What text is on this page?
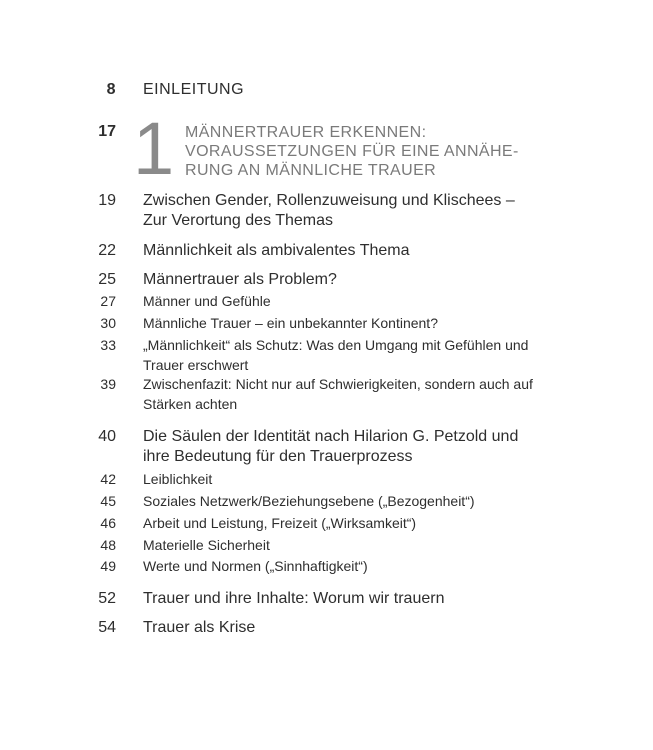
8 EINLEITUNG
17 1 MÄNNERTRAUER ERKENNEN:
VORAUSSETZUNGEN FÜR EINE ANNÄHE-
RUNG AN MÄNNLICHE TRAUER
19 Zwischen Gender, Rollenzuweisung und Klischees –
Zur Verortung des Themas
22 Männlichkeit als ambivalentes Thema
25 Männertrauer als Problem?
27 Männer und Gefühle
30 Männliche Trauer – ein unbekannter Kontinent?
33 „Männlichkeit“ als Schutz: Was den Umgang mit Gefühlen und
Trauer erschwert
39 Zwischenfazit: Nicht nur auf Schwierigkeiten, sondern auch auf
Stärken achten
40 Die Säulen der Identität nach Hilarion G. Petzold und
ihre Bedeutung für den Trauerprozess
42 Leiblichkeit
45 Soziales Netzwerk/Beziehungsebene („Bezogenheit“)
46 Arbeit und Leistung, Freizeit („Wirksamkeit“)
48 Materielle Sicherheit
49 Werte und Normen („Sinnhaftigkeit“)
52 Trauer und ihre Inhalte: Worum wir trauern
54 Trauer als Krise
